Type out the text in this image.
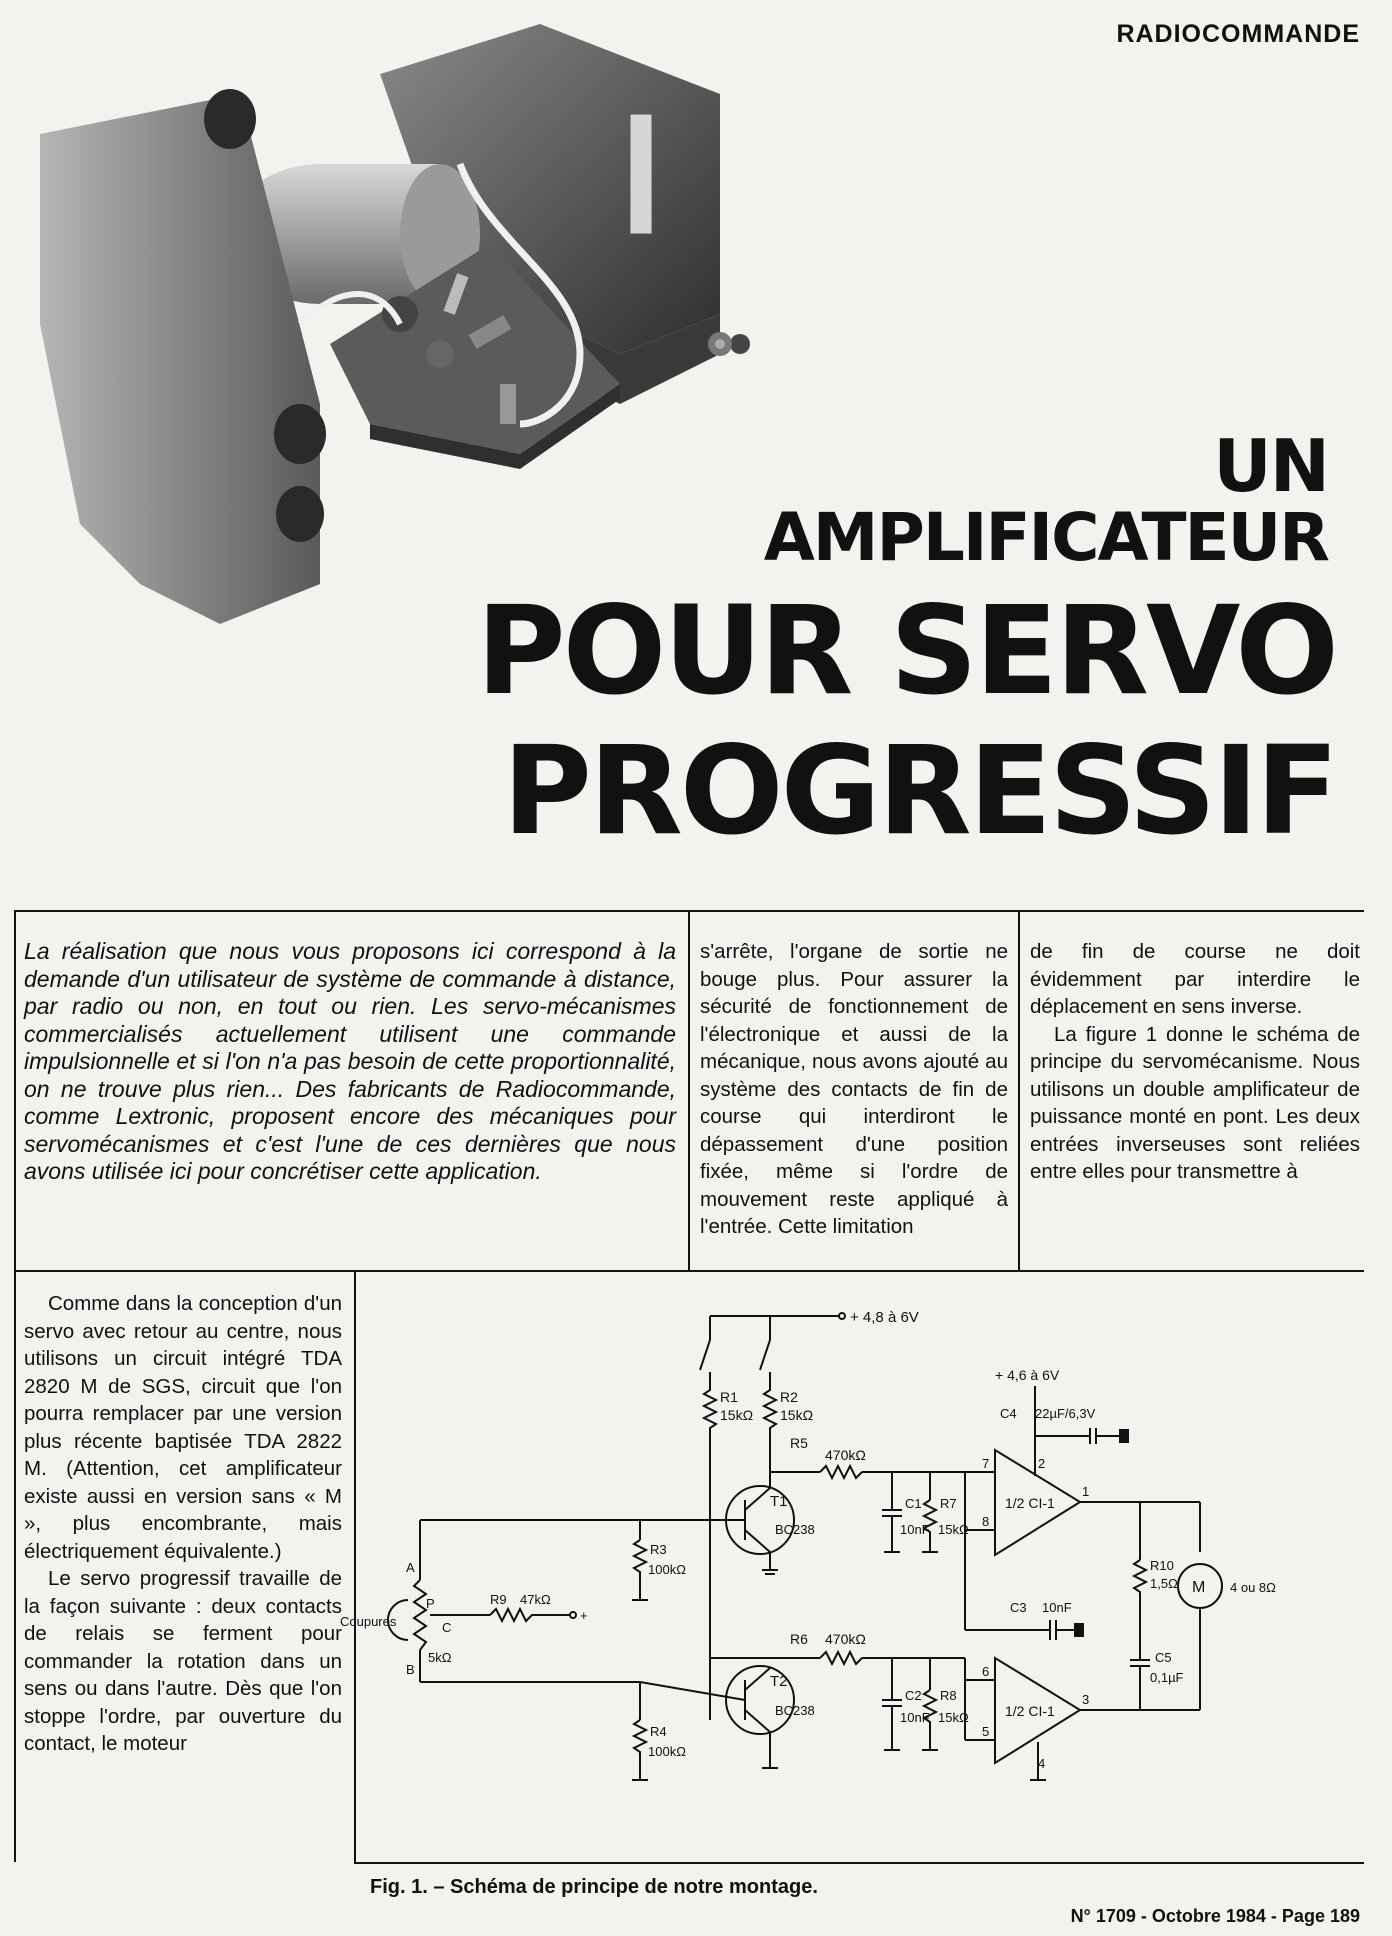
RADIOCOMMANDE
UN
AMPLIFICATEUR
POUR SERVO
PROGRESSIF

La réalisation que nous vous proposons ici correspond à la demande d'un utilisateur de système de commande à distance, par radio ou non, en tout ou rien. Les servo-mécanismes commercialisés actuellement utilisent une commande impulsionnelle et si l'on n'a pas besoin de cette proportionnalité, on ne trouve plus rien... Des fabricants de Radiocommande, comme Lextronic, proposent encore des mécaniques pour servomécanismes et c'est l'une de ces dernières que nous avons utilisée ici pour concrétiser cette application.

s'arrête, l'organe de sortie ne bouge plus. Pour assurer la sécurité de fonctionnement de l'électronique et aussi de la mécanique, nous avons ajouté au système des contacts de fin de course qui interdiront le dépassement d'une position fixée, même si l'ordre de mouvement reste appliqué à l'entrée. Cette limitation

de fin de course ne doit évidemment par interdire le déplacement en sens inverse.

La figure 1 donne le schéma de principe du servomécanisme. Nous utilisons un double amplificateur de puissance monté en pont. Les deux entrées inverseuses sont reliées entre elles pour transmettre à

Comme dans la conception d'un servo avec retour au centre, nous utilisons un circuit intégré TDA 2820 M de SGS, circuit que l'on pourra remplacer par une version plus récente baptisée TDA 2822 M. (Attention, cet amplificateur existe aussi en version sans « M », plus encombrante, mais électriquement équivalente.)

Le servo progressif travaille de la façon suivante : deux contacts de relais se ferment pour commander la rotation dans un sens ou dans l'autre. Dès que l'on stoppe l'ordre, par ouverture du contact, le moteur

+ 4,8 à 6V
R1
15kΩ
R2
15kΩ
R5
470kΩ
T1
BC238
C1
10nF
R7
15kΩ
1/2 CI-1
7
8
2
1
+ 4,6 à 6V
C4 22µF/6,3V
R10
1,5Ω
C5
0,1µF
M 4 ou 8Ω
C3 10nF
1/2 CI-1
6
5
3
4
R6 470kΩ
T2
BC238
C2
10nF
R8
15kΩ
R3
100kΩ
A
B
5kΩ
Coupures
P
C
+
R9 47kΩ
R4
100kΩ
Fig. 1. – Schéma de principe de notre montage.
N° 1709 - Octobre 1984 - Page 189
